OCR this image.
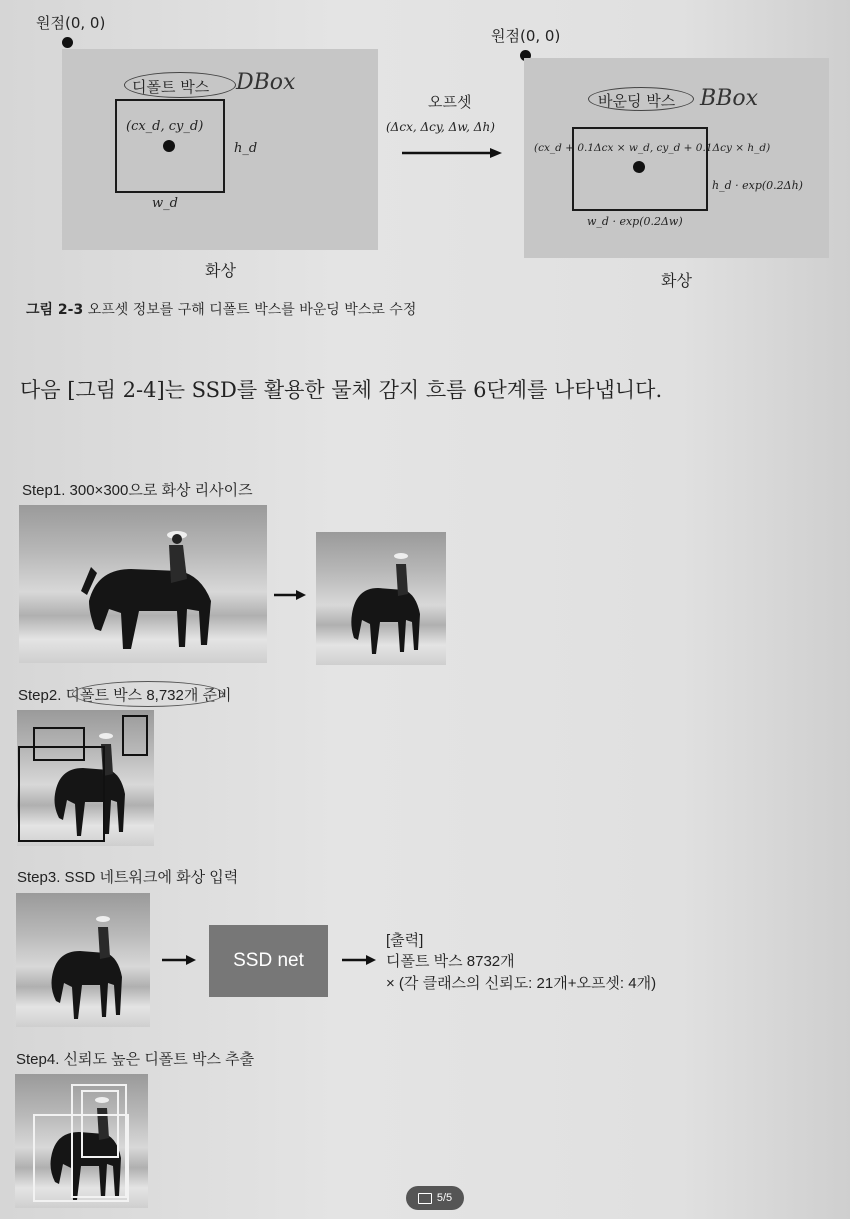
원점(0, 0)
디폴트 박스 DBox
(cx_d, cy_d)
h_d
w_d
화상
오프셋
(Δcx, Δcy, Δw, Δh)
원점(0, 0)
바운딩 박스 BBox
(cx_d + 0.1Δcx × w_d, cy_d + 0.1Δcy × h_d)
h_d · exp(0.2Δh)
w_d · exp(0.2Δw)
화상
그림 2-3 오프셋 정보를 구해 디폴트 박스를 바운딩 박스로 수정
다음 [그림 2-4]는 SSD를 활용한 물체 감지 흐름 6단계를 나타냅니다.
Step1. 300×300으로 화상 리사이즈
Step2. 디폴트 박스 8,732개 준비
Step3. SSD 네트워크에 화상 입력
SSD net
[출력]
디폴트 박스 8732개
× (각 클래스의 신뢰도: 21개+오프셋: 4개)
Step4. 신뢰도 높은 디폴트 박스 추출
5/5
